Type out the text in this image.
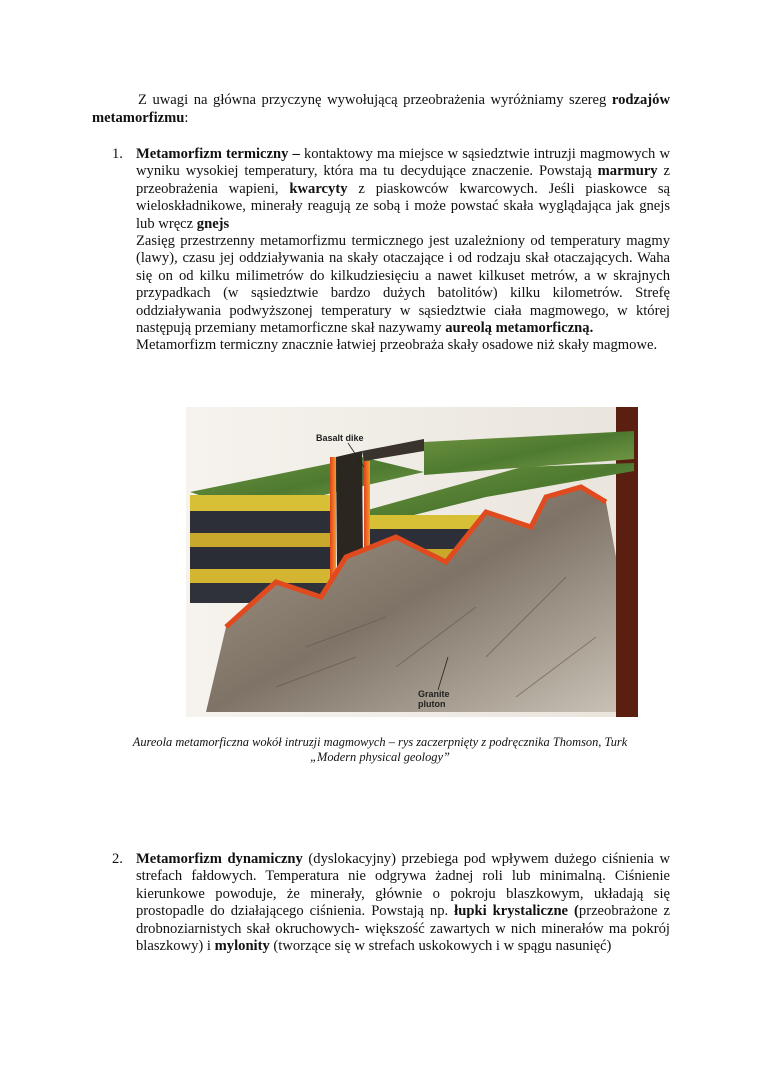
Z uwagi na główna przyczynę wywołującą przeobrażenia wyróżniamy szereg rodzajów metamorfizmu:
1. Metamorfizm termiczny – kontaktowy ma miejsce w sąsiedztwie intruzji magmowych w wyniku wysokiej temperatury, która ma tu decydujące znaczenie. Powstają marmury z przeobrażenia wapieni, kwarcyty z piaskowców kwarcowych. Jeśli piaskowce są wieloskładnikowe, minerały reagują ze sobą i może powstać skała wyglądająca jak gnejs lub wręcz gnejs

Zasięg przestrzenny metamorfizmu termicznego jest uzależniony od temperatury magmy (lawy), czasu jej oddziaływania na skały otaczające i od rodzaju skał otaczających. Waha się on od kilku milimetrów do kilkudziesięciu a nawet kilkuset metrów, a w skrajnych przypadkach (w sąsiedztwie bardzo dużych batolitów) kilku kilometrów. Strefę oddziaływania podwyższonej temperatury w sąsiedztwie ciała magmowego, w której następują przemiany metamorficzne skał nazywamy aureolą metamorficzną.

Metamorfizm termiczny znacznie łatwiej przeobraża skały osadowe niż skały magmowe.

Basalt dike
Granite
pluton
Aureola metamorficzna wokół intruzji magmowych – rys zaczerpnięty z podręcznika Thomson, Turk
„Modern physical geology”
2. Metamorfizm dynamiczny (dyslokacyjny) przebiega pod wpływem dużego ciśnienia w strefach fałdowych. Temperatura nie odgrywa żadnej roli lub minimalną. Ciśnienie kierunkowe powoduje, że minerały, głównie o pokroju blaszkowym, układają się prostopadle do działającego ciśnienia. Powstają np. łupki krystaliczne (przeobrażone z drobnoziarnistych skał okruchowych- większość zawartych w nich minerałów ma pokrój blaszkowy) i mylonity (tworzące się w strefach uskokowych i w spągu nasunięć)
